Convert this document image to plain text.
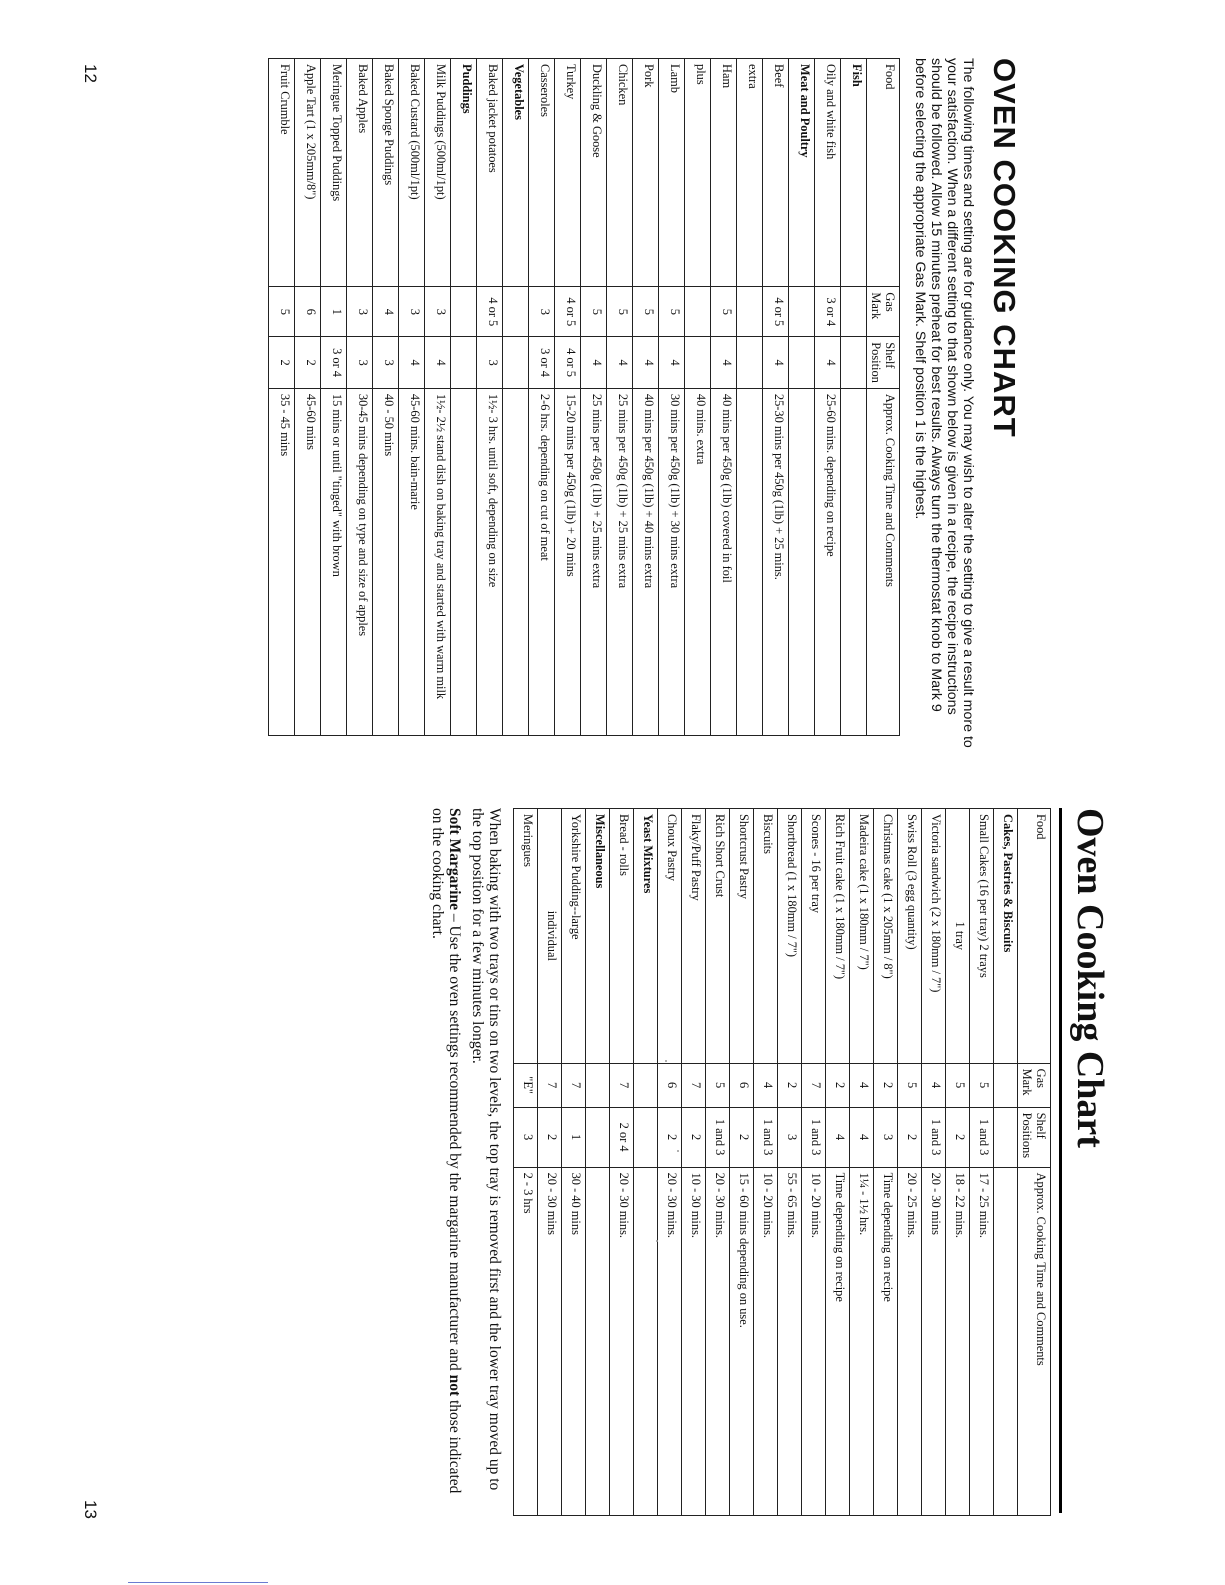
OVEN COOKING CHART

The following times and setting are for guidance only. You may wish to alter the setting to give a result more to your satisfaction. When a different setting to that shown below is given in a recipe, the recipe instructions should be followed. Allow 15 minutes preheat for best results. Always turn the thermostat knob to Mark 9 before selecting the appropriate Gas Mark. Shelf position 1 is the highest.

Food	Gas Mark	Shelf Position	Approx. Cooking Time and Comments
Fish			
Oily and white fish	3 or 4	4	25-60 mins. depending on recipe
Meat and Poultry			
Beef	4 or 5	4	25-30 mins per 450g (1lb) + 25 mins.
extra			
Ham	5	4	40 mins per 450g (1lb) covered in foil
plus			40 mins. extra
Lamb	5	4	30 mins per 450g (1lb) + 30 mins extra
Pork	5	4	40 mins per 450g (1lb) + 40 mins extra
Chicken	5	4	25 mins per 450g (1lb) + 25 mins extra
Duckling & Goose	5	4	25 mins per 450g (1lb) + 25 mins extra
Turkey	4 or 5	4 or 5	15-20 mins per 450g (1lb) + 20 mins
Casseroles	3	3 or 4	2-6 hrs. depending on cut of meat
Vegetables			
Baked jacket potatoes	4 or 5	3	1½- 3 hrs. until soft, depending on size
Puddings			
Milk Puddings (500ml/1pt)	3	4	1½- 2½ stand dish on baking tray and started with warm milk
Baked Custard (500ml/1pt)	3	4	45-60 mins. bain-marie
Baked Sponge Puddings	4	3	40 - 50 mins
Baked Apples	3	3	30-45 mins depending on type and size of apples
Meringue Topped Puddings	1	3 or 4	15 mins or until "tinged" with brown
Apple Tart (1 x 205mm/8")	6	2	45-60 mins
Fruit Crumble	5	2	35 - 45 mins
Oven Cooking Chart
Food	Gas Mark	Shelf Positions	Approx. Cooking Time and Comments
Cakes, Pastries & Biscuits			
Small Cakes (16 per tray) 2 trays	5	1 and 3	17 - 25 mins.
1 tray	5	2	18 - 22 mins.
Victoria sandwich (2 x 180mm / 7")	4	1 and 3	20 - 30 mins
Swiss Roll (3 egg quantity)	5	2	20 - 25 mins.
Christmas cake (1 x 205mm / 8")	2	3	Time depending on recipe
Madeira cake (1 x 180mm / 7")	4	4	1¼ - 1½ hrs.
Rich Fruit cake (1 x 180mm / 7")	2	4	Time depending on recipe
Scones - 16 per tray	7	1 and 3	10 - 20 mins.
Shortbread (1 x 180mm / 7")	2	3	55 - 65 mins.
Biscuits	4	1 and 3	10 - 20 mins.
Shortcrust Pastry	6	2	15 - 60 mins depending on use.
Rich Short Crust	5	1 and 3	20 - 30 mins.
Flaky/Puff Pastry	7	2	10 - 30 mins.
Choux Pastry	6	2	20 - 30 mins.
Yeast Mixtures			
Bread - rolls	7	2 or 4	20 - 30 mins.
Miscellaneous			
Yorkshire Pudding--large	7	1	30 - 40 mins
individual	7	2	20 - 30 mins
Meringues	"E"	3	2 - 3 hrs

When baking with two trays or tins on two levels, the top tray is removed first and the lower tray moved up to the top position for a few minutes longer.

Soft Margarine – Use the oven settings recommended by the margarine manufacturer and not those indicated on the cooking chart.

12
13
